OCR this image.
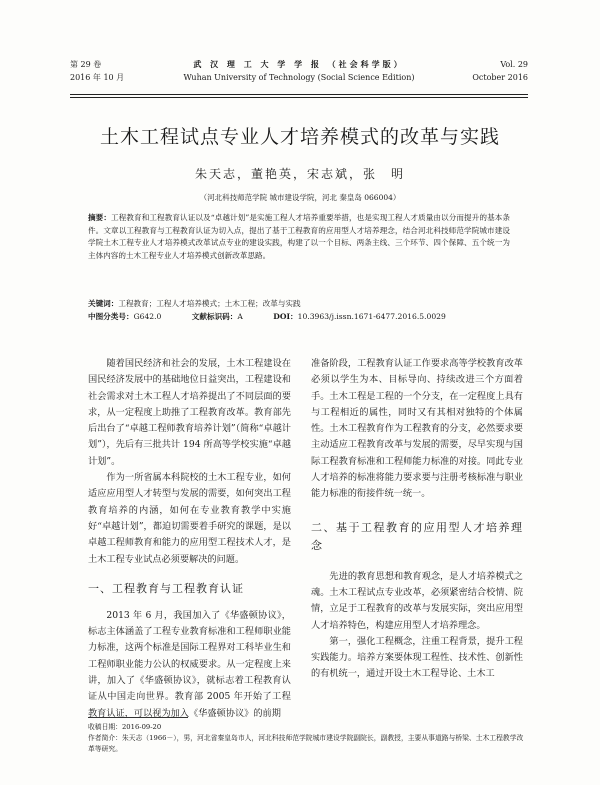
第 29 卷
2016 年 10 月
武 汉 理 工 大 学 学 报 （社会科学版）
Wuhan University of Technology (Social Science Edition)
Vol. 29
October 2016
土木工程试点专业人才培养模式的改革与实践
朱天志，董艳英，宋志斌，张　明
（河北科技师范学院 城市建设学院，河北 秦皇岛 066004）
摘要：工程教育和工程教育认证以及“卓越计划”是实施工程人才培养重要举措，也是实现工程人才质量由以分而提升的基本条件。文章以工程教育与工程教育认证为切入点，提出了基于工程教育的应用型人才培养理念，结合河北科技师范学院城市建设学院土木工程专业人才培养模式改革试点专业的建设实践，构建了以一个目标、两条主线、三个环节、四个保障、五个统一为主体内容的土木工程专业人才培养模式创新改革思路。
关键词：工程教育；工程人才培养模式；土木工程；改革与实践
中图分类号：G642.0	文献标识码：A	DOI：10.3963/j.issn.1671-6477.2016.5.0029

随着国民经济和社会的发展，土木工程建设在国民经济发展中的基础地位日益突出，工程建设和社会需求对土木工程人才培养提出了不同层面的要求，从一定程度上助推了工程教育改革。教育部先后出台了“卓越工程师教育培养计划”（简称“卓越计划”），先后有三批共计 194 所高等学校实施“卓越计划”。

作为一所省属本科院校的土木工程专业，如何适应应用型人才转型与发展的需要，如何突出工程教育培养的内涵，如何在专业教育教学中实施好“卓越计划”，都迫切需要着手研究的课题，是以卓越工程师教育和能力的应用型工程技术人才，是土木工程专业试点必须要解决的问题。

一、工程教育与工程教育认证

2013 年 6 月，我国加入了《华盛顿协议》，标志主体涵盖了工程专业教育标准和工程师职业能力标准，这两个标准是国际工程界对工科毕业生和工程师职业能力公认的权威要求。从一定程度上来讲，加入了《华盛顿协议》，就标志着工程教育认证从中国走向世界。教育部 2005 年开始了工程教育认证，可以视为加入《华盛顿协议》的前期

准备阶段，工程教育认证工作要求高等学校教育改革必须以学生为本、目标导向、持续改进三个方面着手。土木工程是工程的一个分支，在一定程度上具有与工程相近的属性，同时又有其相对独特的个体属性。土木工程教育作为工程教育的分支，必然要求要主动适应工程教育改革与发展的需要，尽早实现与国际工程教育标准和工程师能力标准的对接。同此专业人才培养的标准将能力要求要与注册考核标准与职业能力标准的衔接件统一统一。

二、基于工程教育的应用型人才培养理念

先进的教育思想和教育观念，是人才培养模式之魂。土木工程试点专业改革，必须紧密结合校情、院情，立足于工程教育的改革与发展实际，突出应用型人才培养特色，构建应用型人才培养理念。

第一，强化工程概念，注重工程背景，提升工程实践能力。培养方案要体现工程性、技术性、创新性的有机统一，通过开设土木工程导论、土木工

收稿日期：2016-09-20
作者简介：朱天志（1966－），男，河北省秦皇岛市人，河北科技师范学院城市建设学院副院长，副教授，主要从事道路与桥梁、土木工程教学改革等研究。
